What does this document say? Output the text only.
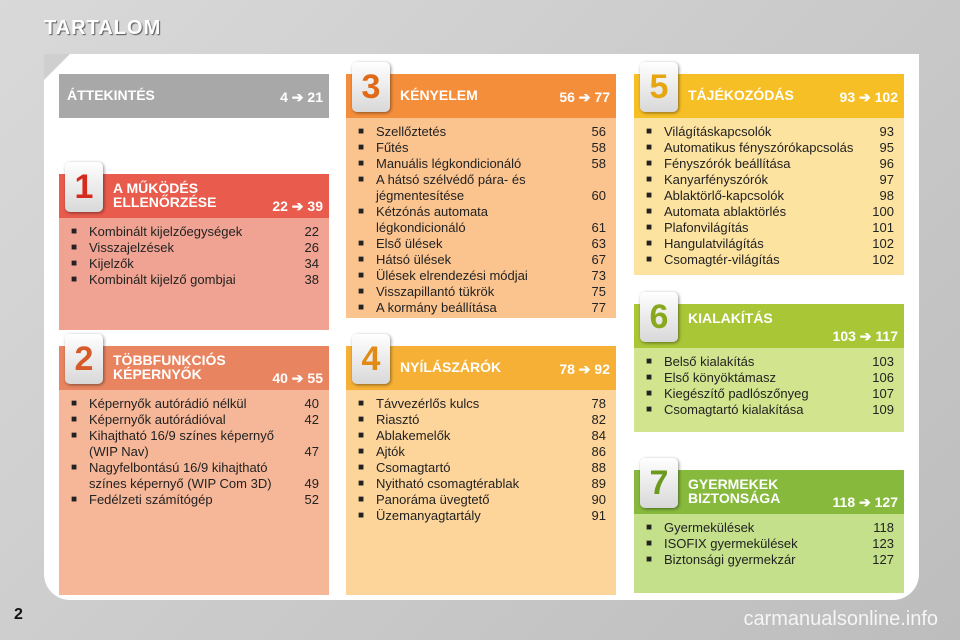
TARTALOM
ÁTTEKINTÉS	4 ➔ 21
1	A MŰKÖDÉS
ELLENŐRZÉSE	22 ➔ 39
■ Kombinált kijelzőegységek	22
■ Visszajelzések	26
■ Kijelzők	34
■ Kombinált kijelző gombjai	38
2	TÖBBFUNKCIÓS
KÉPERNYŐK	40 ➔ 55
■ Képernyők autórádió nélkül	40
■ Képernyők autórádióval	42
■ Kihajtható 16/9 színes képernyő (WIP Nav)	47
■ Nagyfelbontású 16/9 kihajtható színes képernyő (WIP Com 3D)	49
■ Fedélzeti számítógép	52
3	KÉNYELEM	56 ➔ 77
■ Szellőztetés	56
■ Fűtés	58
■ Manuális légkondicionáló	58
■ A hátsó szélvédő pára- és jégmentesítése	60
■ Kétzónás automata légkondicionáló	61
■ Első ülések	63
■ Hátsó ülések	67
■ Ülések elrendezési módjai	73
■ Visszapillantó tükrök	75
■ A kormány beállítása	77
4	NYÍLÁSZÁRÓK	78 ➔ 92
■ Távvezérlős kulcs	78
■ Riasztó	82
■ Ablakemelők	84
■ Ajtók	86
■ Csomagtartó	88
■ Nyitható csomagtérablak	89
■ Panoráma üvegtető	90
■ Üzemanyagtartály	91
5	TÁJÉKOZÓDÁS	93 ➔ 102
■ Világításkapcsolók	93
■ Automatikus fényszórókapcsolás 95
■ Fényszórók beállítása	96
■ Kanyarfényszórók	97
■ Ablaktörlő-kapcsolók	98
■ Automata ablaktörlés	100
■ Plafonvilágítás	101
■ Hangulatvilágítás	102
■ Csomagtér-világítás	102
6	KIALAKÍTÁS
103 ➔ 117
■ Belső kialakítás	103
■ Első könyöktámasz	106
■ Kiegészítő padlószőnyeg	107
■ Csomagtartó kialakítása	109
7	GYERMEKEK
BIZTONSÁGA	118 ➔ 127
■ Gyermekülések	118
■ ISOFIX gyermekülések	123
■ Biztonsági gyermekzár	127
2	carmanualsonline.info
